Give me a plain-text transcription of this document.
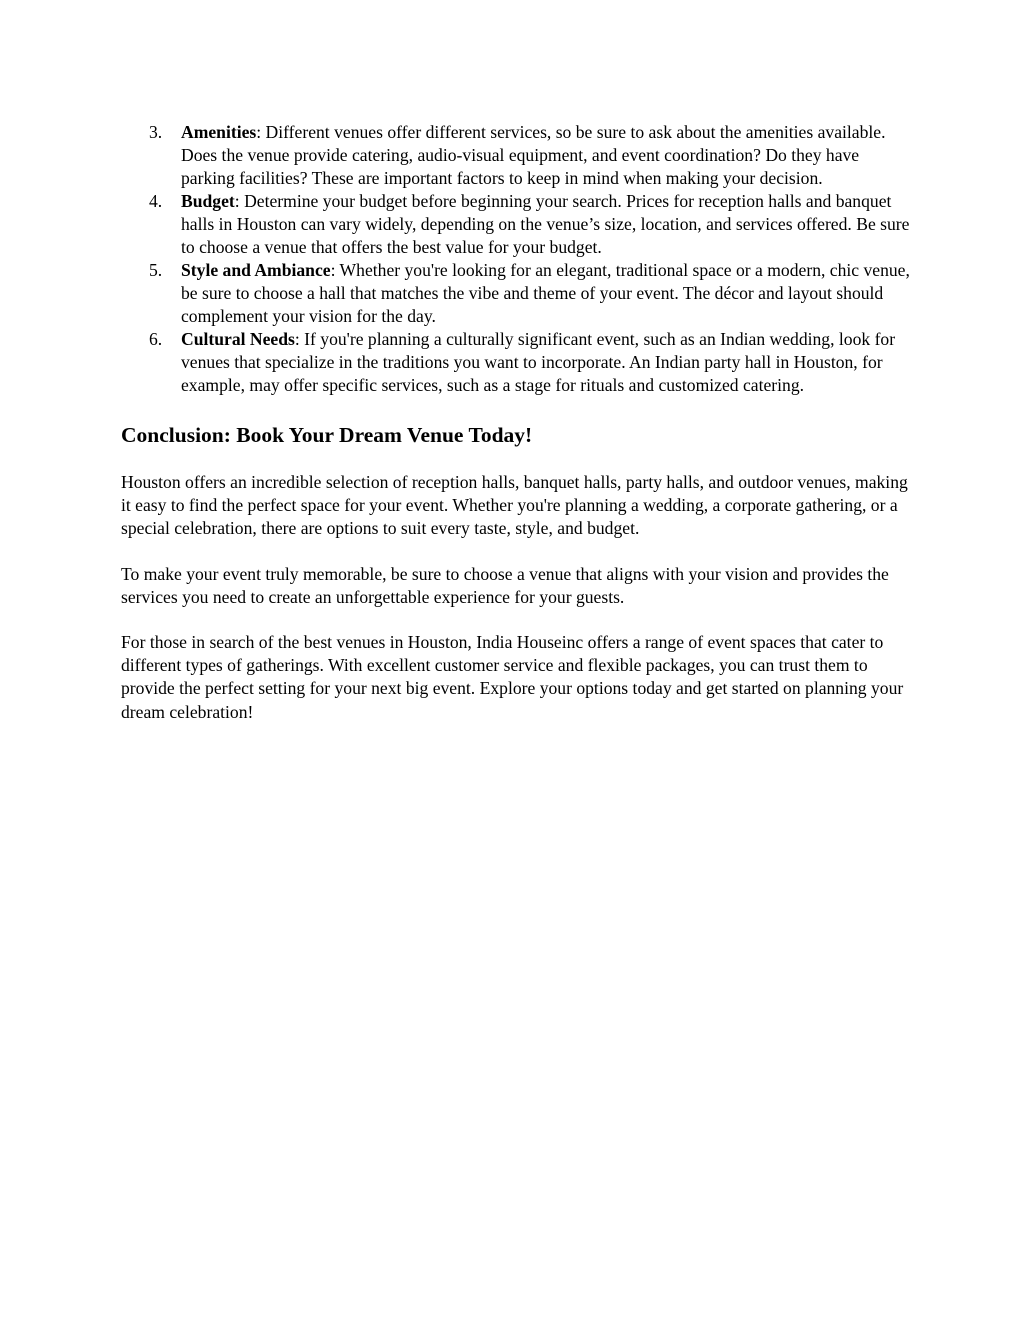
3. Amenities: Different venues offer different services, so be sure to ask about the amenities available. Does the venue provide catering, audio-visual equipment, and event coordination? Do they have parking facilities? These are important factors to keep in mind when making your decision.
4. Budget: Determine your budget before beginning your search. Prices for reception halls and banquet halls in Houston can vary widely, depending on the venue’s size, location, and services offered. Be sure to choose a venue that offers the best value for your budget.
5. Style and Ambiance: Whether you're looking for an elegant, traditional space or a modern, chic venue, be sure to choose a hall that matches the vibe and theme of your event. The décor and layout should complement your vision for the day.
6. Cultural Needs: If you're planning a culturally significant event, such as an Indian wedding, look for venues that specialize in the traditions you want to incorporate. An Indian party hall in Houston, for example, may offer specific services, such as a stage for rituals and customized catering.
Conclusion: Book Your Dream Venue Today!

Houston offers an incredible selection of reception halls, banquet halls, party halls, and outdoor venues, making it easy to find the perfect space for your event. Whether you're planning a wedding, a corporate gathering, or a special celebration, there are options to suit every taste, style, and budget.

To make your event truly memorable, be sure to choose a venue that aligns with your vision and provides the services you need to create an unforgettable experience for your guests.

For those in search of the best venues in Houston, India Houseinc offers a range of event spaces that cater to different types of gatherings. With excellent customer service and flexible packages, you can trust them to provide the perfect setting for your next big event. Explore your options today and get started on planning your dream celebration!
